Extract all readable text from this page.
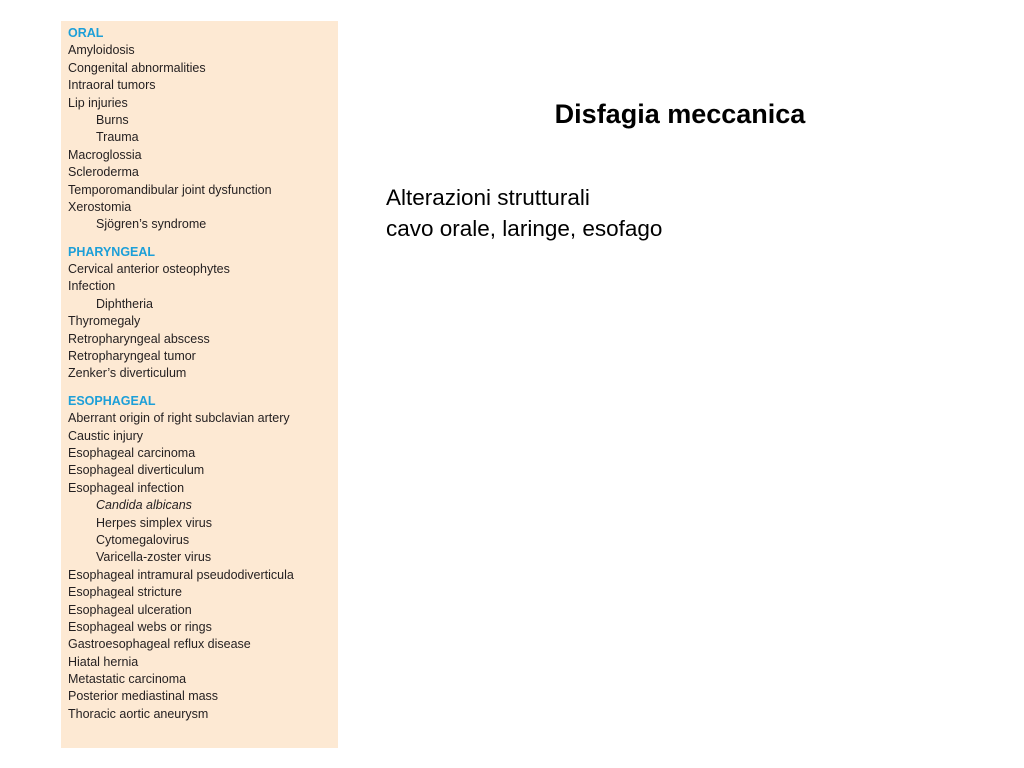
ORAL
Amyloidosis
Congenital abnormalities
Intraoral tumors
Lip injuries
Burns
Trauma
Macroglossia
Scleroderma
Temporomandibular joint dysfunction
Xerostomia
Sjögren’s syndrome
PHARYNGEAL
Cervical anterior osteophytes
Infection
Diphtheria
Thyromegaly
Retropharyngeal abscess
Retropharyngeal tumor
Zenker’s diverticulum
ESOPHAGEAL
Aberrant origin of right subclavian artery
Caustic injury
Esophageal carcinoma
Esophageal diverticulum
Esophageal infection
Candida albicans
Herpes simplex virus
Cytomegalovirus
Varicella-zoster virus
Esophageal intramural pseudodiverticula
Esophageal stricture
Esophageal ulceration
Esophageal webs or rings
Gastroesophageal reflux disease
Hiatal hernia
Metastatic carcinoma
Posterior mediastinal mass
Thoracic aortic aneurysm
Disfagia meccanica
Alterazioni strutturali
cavo orale, laringe, esofago
